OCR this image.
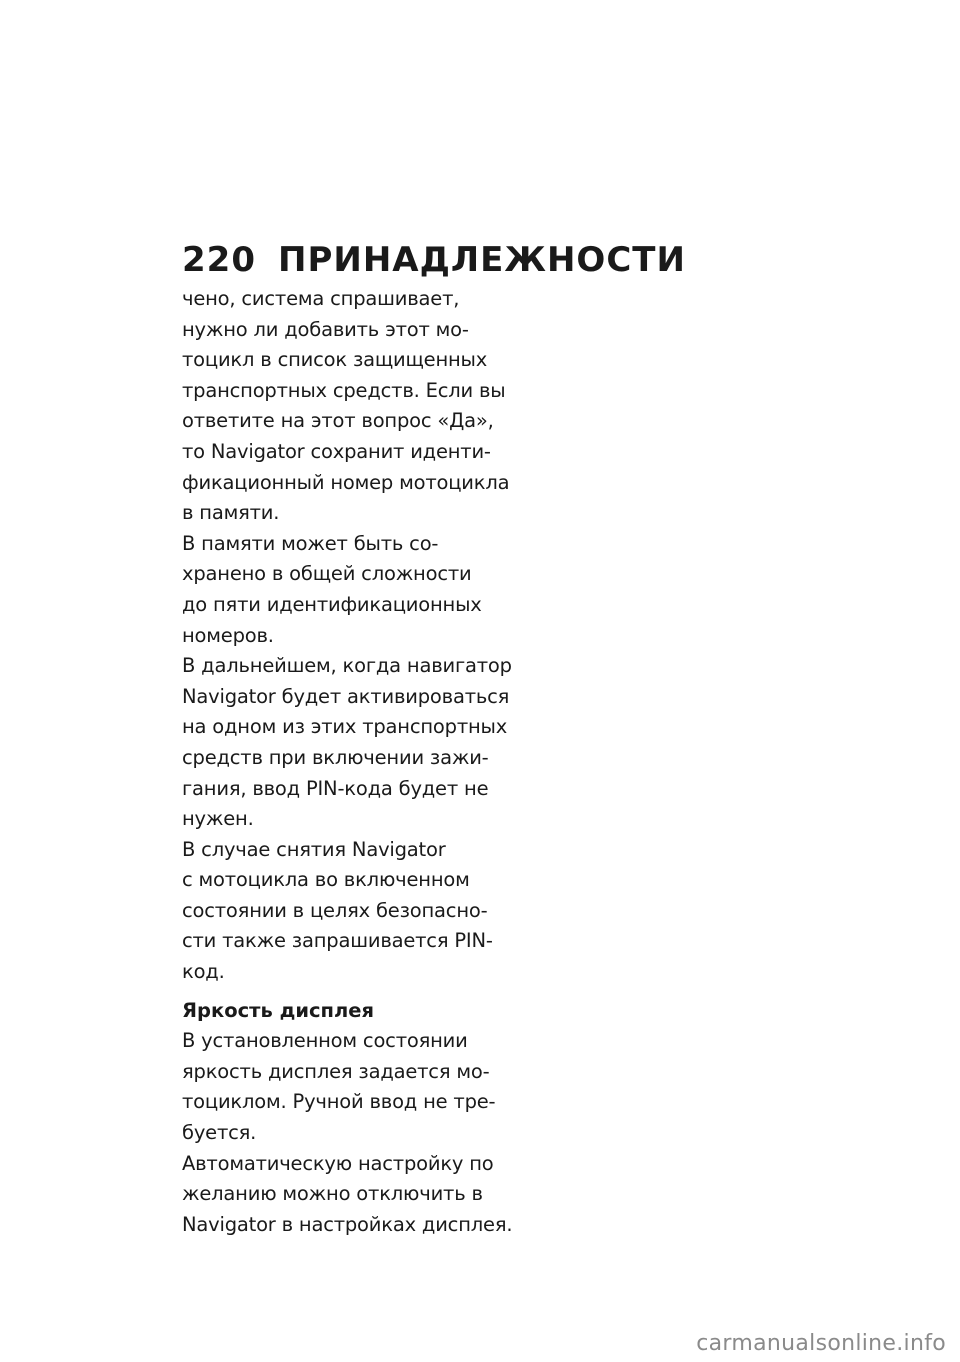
220 ПРИНАДЛЕЖНОСТИ
чено, система спрашивает,
нужно ли добавить этот мо-
тоцикл в список защищенных
транспортных средств. Если вы
ответите на этот вопрос «Да»,
то Navigator сохранит иденти-
фикационный номер мотоцикла
в памяти.
В памяти может быть со-
хранено в общей сложности
до пяти идентификационных
номеров.
В дальнейшем, когда навигатор
Navigator будет активироваться
на одном из этих транспортных
средств при включении зажи-
гания, ввод PIN-кода будет не
нужен.
В случае снятия Navigator
с мотоцикла во включенном
состоянии в целях безопасно-
сти также запрашивается PIN-
код.
Яркость дисплея
В установленном состоянии
яркость дисплея задается мо-
тоциклом. Ручной ввод не тре-
буется.
Автоматическую настройку по
желанию можно отключить в
Navigator в настройках дисплея.
carmanualsonline.info
